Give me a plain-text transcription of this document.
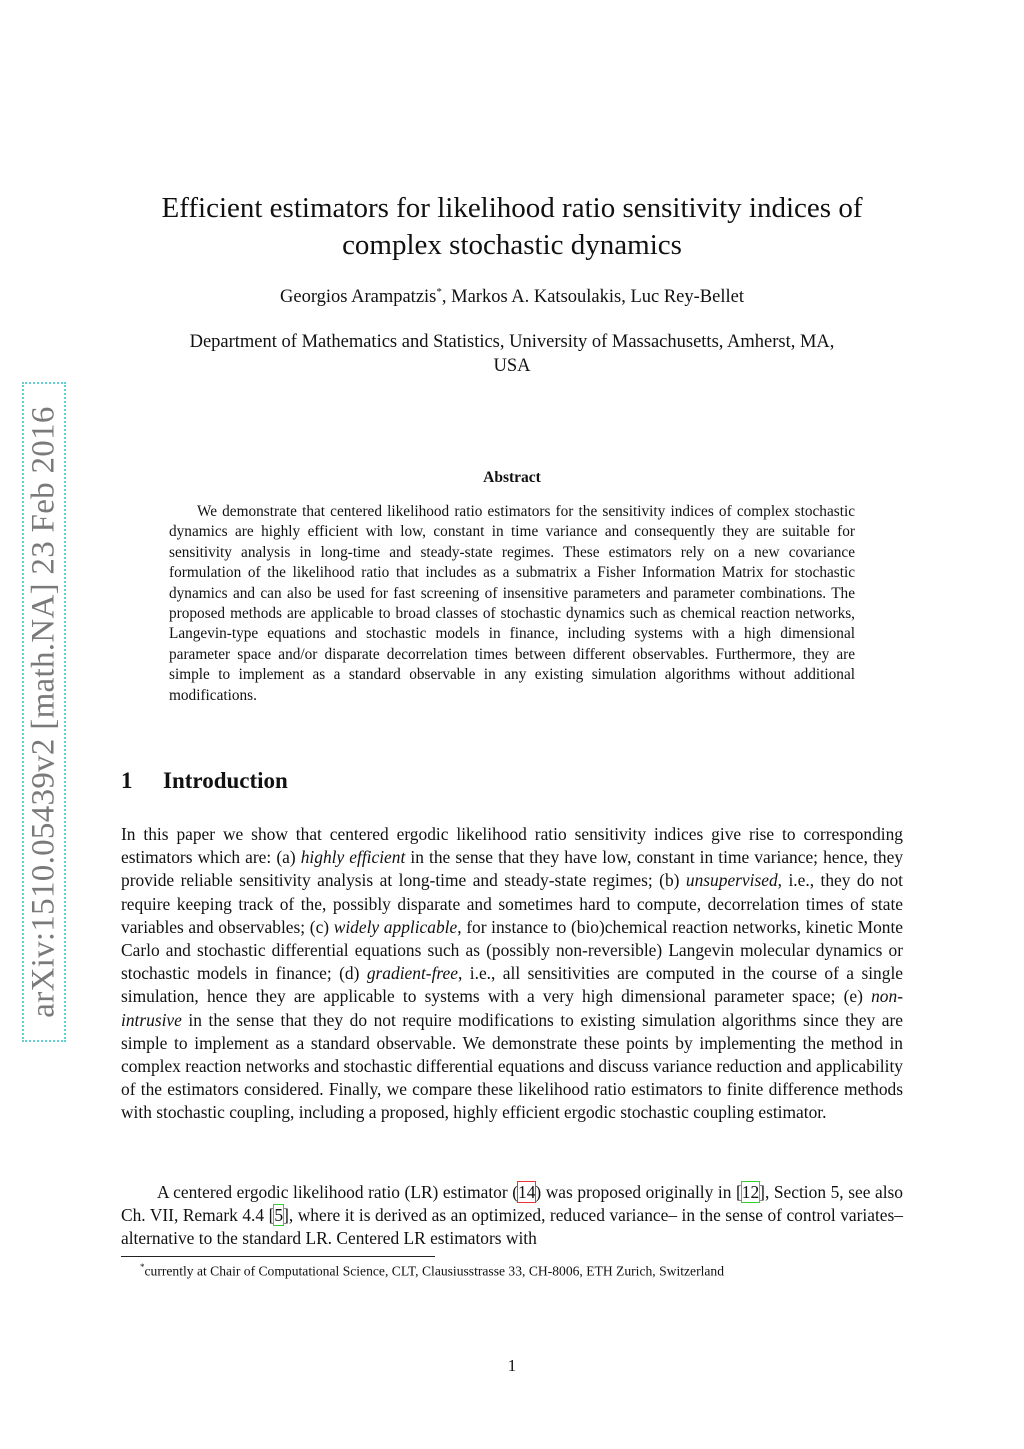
arXiv:1510.05439v2 [math.NA] 23 Feb 2016
Efficient estimators for likelihood ratio sensitivity indices of
complex stochastic dynamics
Georgios Arampatzis*, Markos A. Katsoulakis, Luc Rey-Bellet
Department of Mathematics and Statistics, University of Massachusetts, Amherst, MA,
USA
Abstract

We demonstrate that centered likelihood ratio estimators for the sensitivity indices of complex stochastic dynamics are highly efficient with low, constant in time variance and consequently they are suitable for sensitivity analysis in long-time and steady-state regimes. These estimators rely on a new covariance formulation of the likelihood ratio that includes as a submatrix a Fisher Information Matrix for stochastic dynamics and can also be used for fast screening of insensitive parameters and parameter combinations. The proposed methods are applicable to broad classes of stochastic dynamics such as chemical reaction networks, Langevin-type equations and stochastic models in finance, including systems with a high dimensional parameter space and/or disparate decorrelation times between different observables. Furthermore, they are simple to implement as a standard observable in any existing simulation algorithms without additional modifications.

1 Introduction

In this paper we show that centered ergodic likelihood ratio sensitivity indices give rise to corresponding estimators which are: (a) highly efficient in the sense that they have low, constant in time variance; hence, they provide reliable sensitivity analysis at long-time and steady-state regimes; (b) unsupervised, i.e., they do not require keeping track of the, possibly disparate and sometimes hard to compute, decorrelation times of state variables and observables; (c) widely applicable, for instance to (bio)chemical reaction networks, kinetic Monte Carlo and stochastic differential equations such as (possibly non-reversible) Langevin molecular dynamics or stochastic models in finance; (d) gradient-free, i.e., all sensitivities are computed in the course of a single simulation, hence they are applicable to systems with a very high dimensional parameter space; (e) non-intrusive in the sense that they do not require modifications to existing simulation algorithms since they are simple to implement as a standard observable. We demonstrate these points by implementing the method in complex reaction networks and stochastic differential equations and discuss variance reduction and applicability of the estimators considered. Finally, we compare these likelihood ratio estimators to finite difference methods with stochastic coupling, including a proposed, highly efficient ergodic stochastic coupling estimator.

A centered ergodic likelihood ratio (LR) estimator (14) was proposed originally in [12], Section 5, see also Ch. VII, Remark 4.4 [5], where it is derived as an optimized, reduced variance– in the sense of control variates–alternative to the standard LR. Centered LR estimators with

*currently at Chair of Computational Science, CLT, Clausiusstrasse 33, CH-8006, ETH Zurich, Switzerland
1
